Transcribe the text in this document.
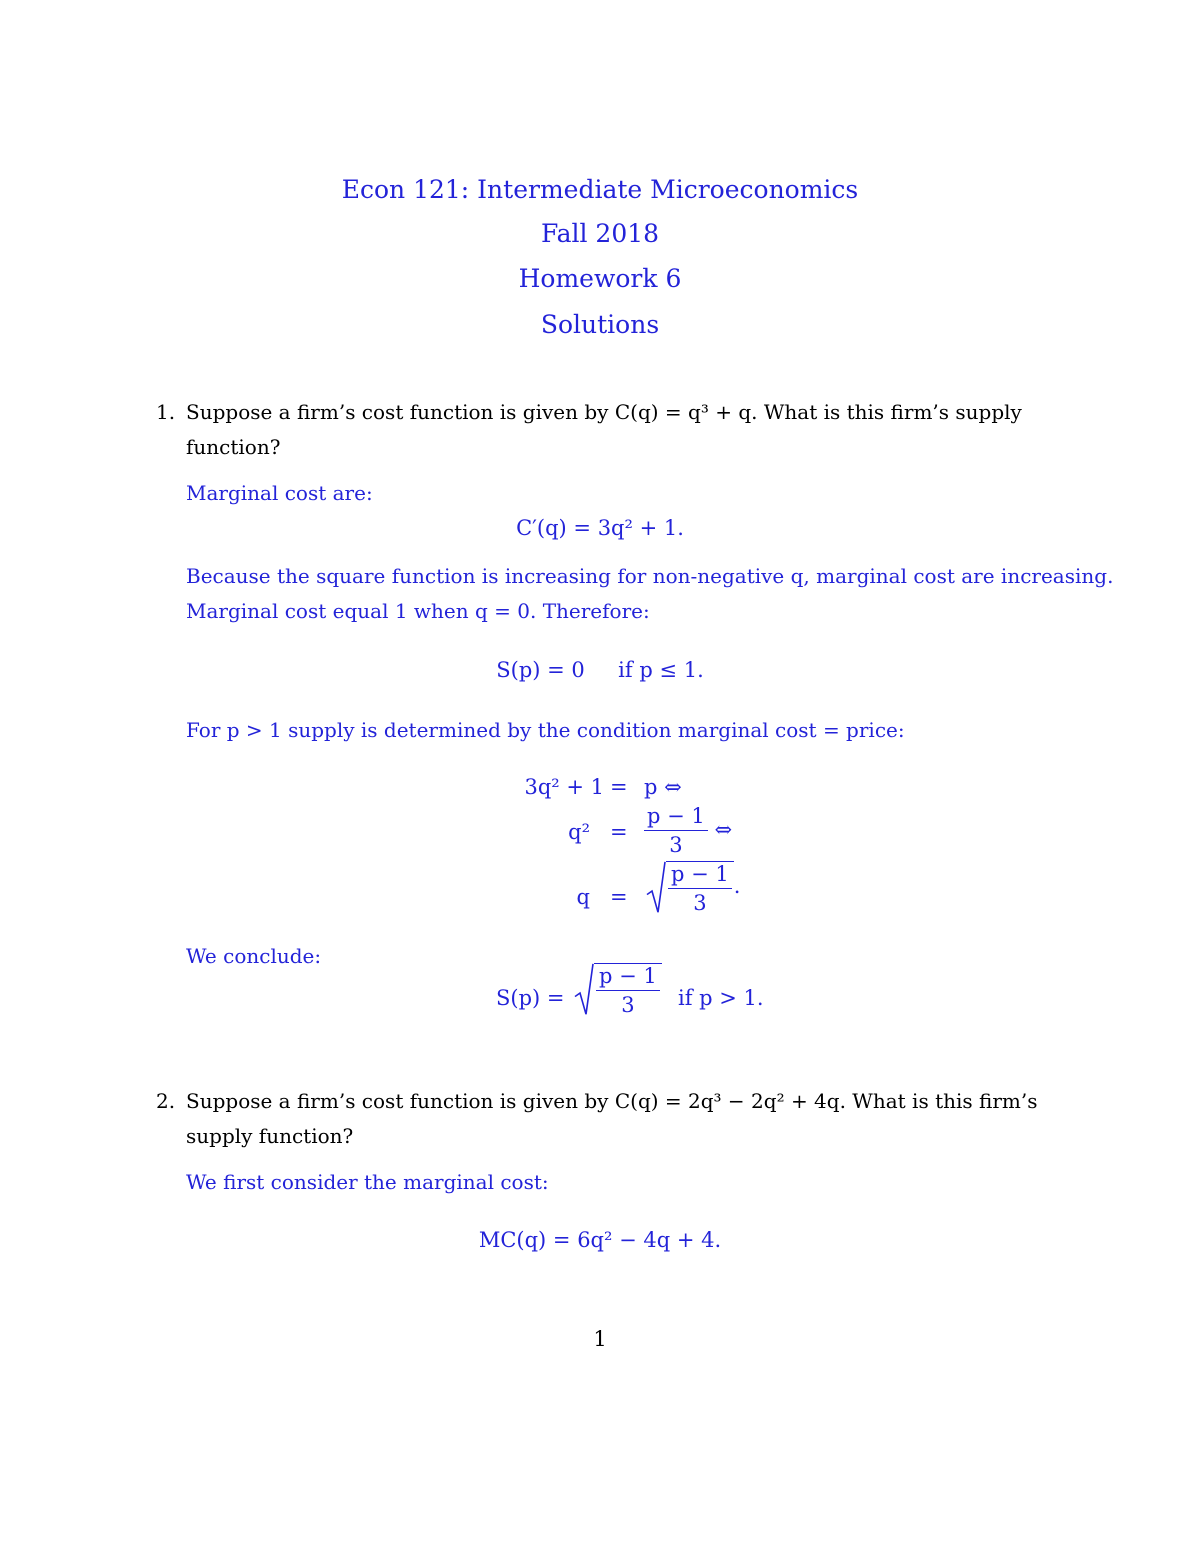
Econ 121: Intermediate Microeconomics
Fall 2018
Homework 6
Solutions
1. Suppose a firm’s cost function is given by C(q) = q³ + q. What is this firm’s supply
function?
Marginal cost are:
C′(q) = 3q² + 1.
Because the square function is increasing for non-negative q, marginal cost are increasing.
Marginal cost equal 1 when q = 0. Therefore:
S(p) = 0     if p ≤ 1.
For p > 1 supply is determined by the condition marginal cost = price:
3q² + 1 = p ⇔
$q^2 = \frac{p - 1}{3}$ ⇔
$q = \frac{p - 1}{3}$ .
We conclude:
$S(p) = \frac{p - 1}{3}$ if p > 1.
2. Suppose a firm’s cost function is given by C(q) = 2q³ − 2q² + 4q. What is this firm’s
supply function?
We first consider the marginal cost:
MC(q) = 6q² − 4q + 4.
1
